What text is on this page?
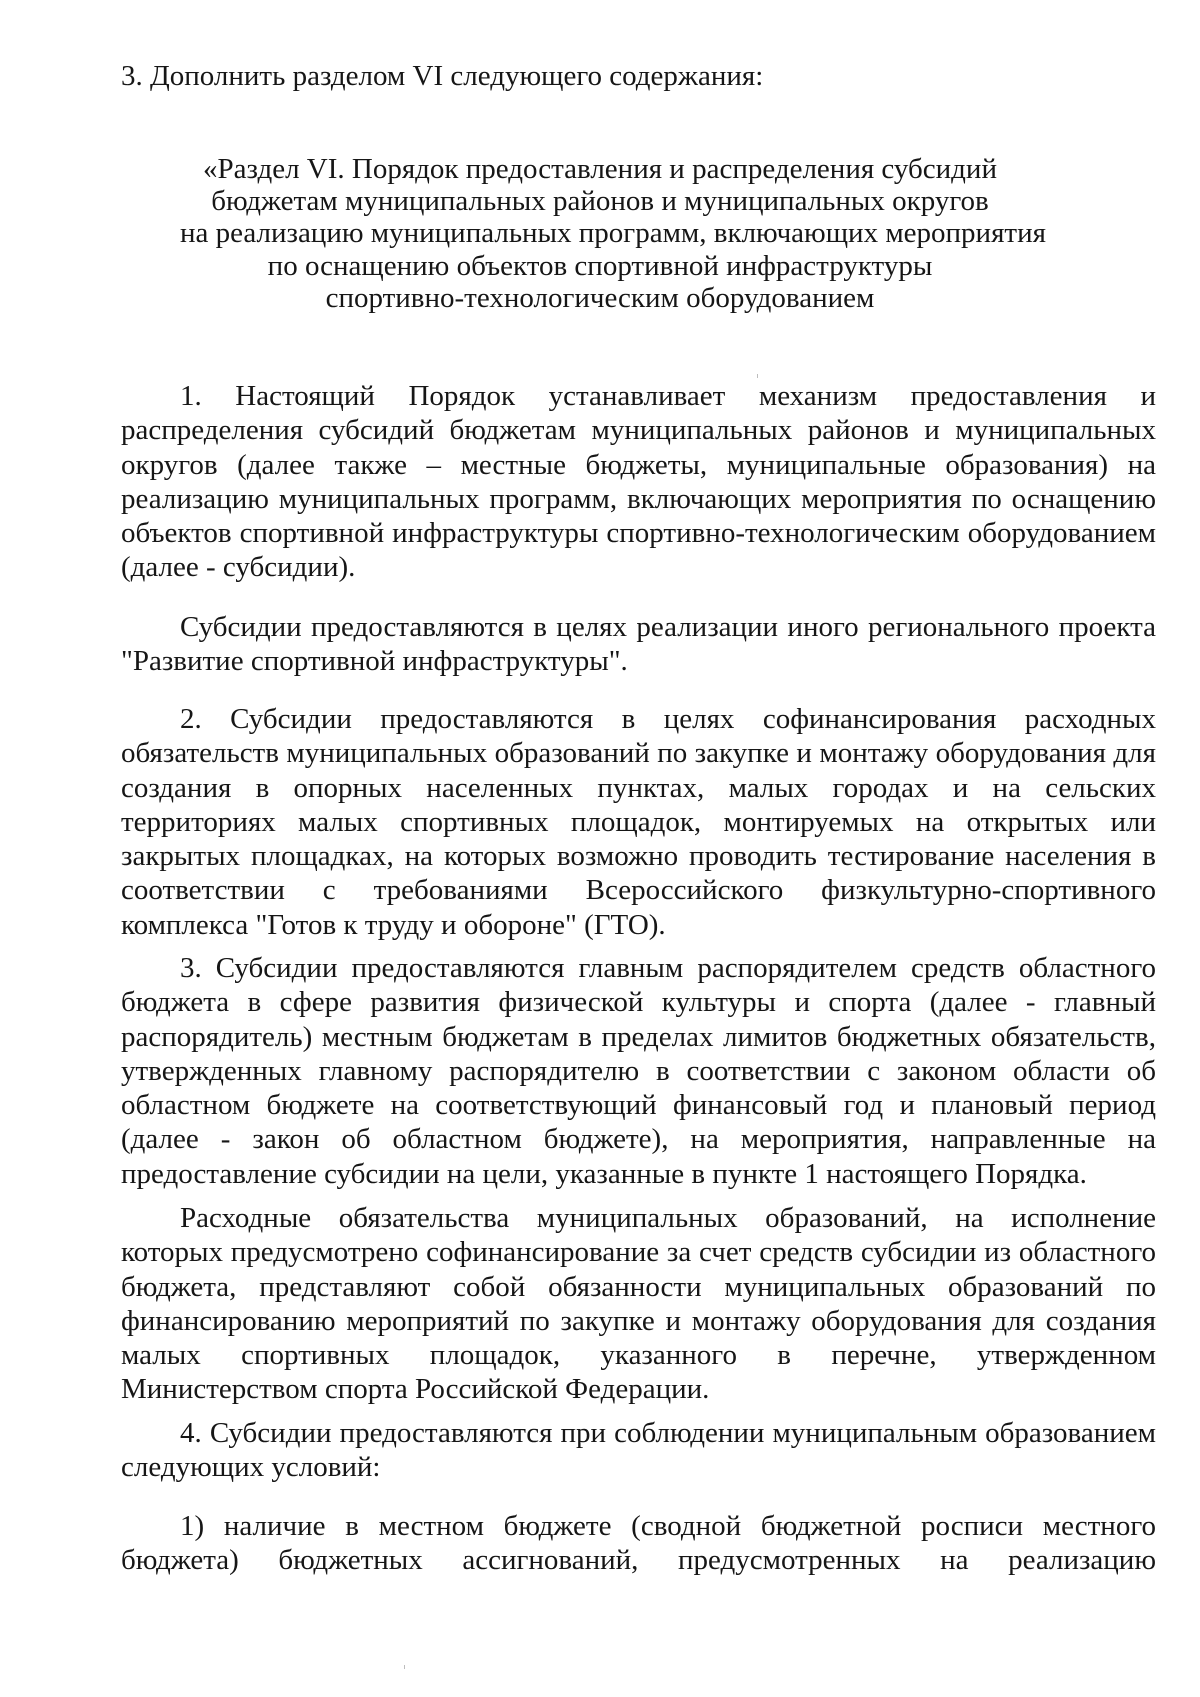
3. Дополнить разделом VI следующего содержания:

«Раздел VI. Порядок предоставления и распределения субсидий
бюджетам муниципальных районов и муниципальных округов
на реализацию муниципальных программ, включающих мероприятия
по оснащению объектов спортивной инфраструктуры
спортивно-технологическим оборудованием

1. Настоящий Порядок устанавливает механизм предоставления и распределения субсидий бюджетам муниципальных районов и муниципальных округов (далее также – местные бюджеты, муниципальные образования) на реализацию муниципальных программ, включающих мероприятия по оснащению объектов спортивной инфраструктуры спортивно-технологическим оборудованием (далее - субсидии).

Субсидии предоставляются в целях реализации иного регионального проекта "Развитие спортивной инфраструктуры".

2. Субсидии предоставляются в целях софинансирования расходных обязательств муниципальных образований по закупке и монтажу оборудования для создания в опорных населенных пунктах, малых городах и на сельских территориях малых спортивных площадок, монтируемых на открытых или закрытых площадках, на которых возможно проводить тестирование населения в соответствии с требованиями Всероссийского физкультурно-спортивного комплекса "Готов к труду и обороне" (ГТО).

3. Субсидии предоставляются главным распорядителем средств областного бюджета в сфере развития физической культуры и спорта (далее - главный распорядитель) местным бюджетам в пределах лимитов бюджетных обязательств, утвержденных главному распорядителю в соответствии с законом области об областном бюджете на соответствующий финансовый год и плановый период (далее - закон об областном бюджете), на мероприятия, направленные на предоставление субсидии на цели, указанные в пункте 1 настоящего Порядка.

Расходные обязательства муниципальных образований, на исполнение которых предусмотрено софинансирование за счет средств субсидии из областного бюджета, представляют собой обязанности муниципальных образований по финансированию мероприятий по закупке и монтажу оборудования для создания малых спортивных площадок, указанного в перечне, утвержденном Министерством спорта Российской Федерации.

4. Субсидии предоставляются при соблюдении муниципальным образованием следующих условий:

1) наличие в местном бюджете (сводной бюджетной росписи местного бюджета) бюджетных ассигнований, предусмотренных на реализацию
